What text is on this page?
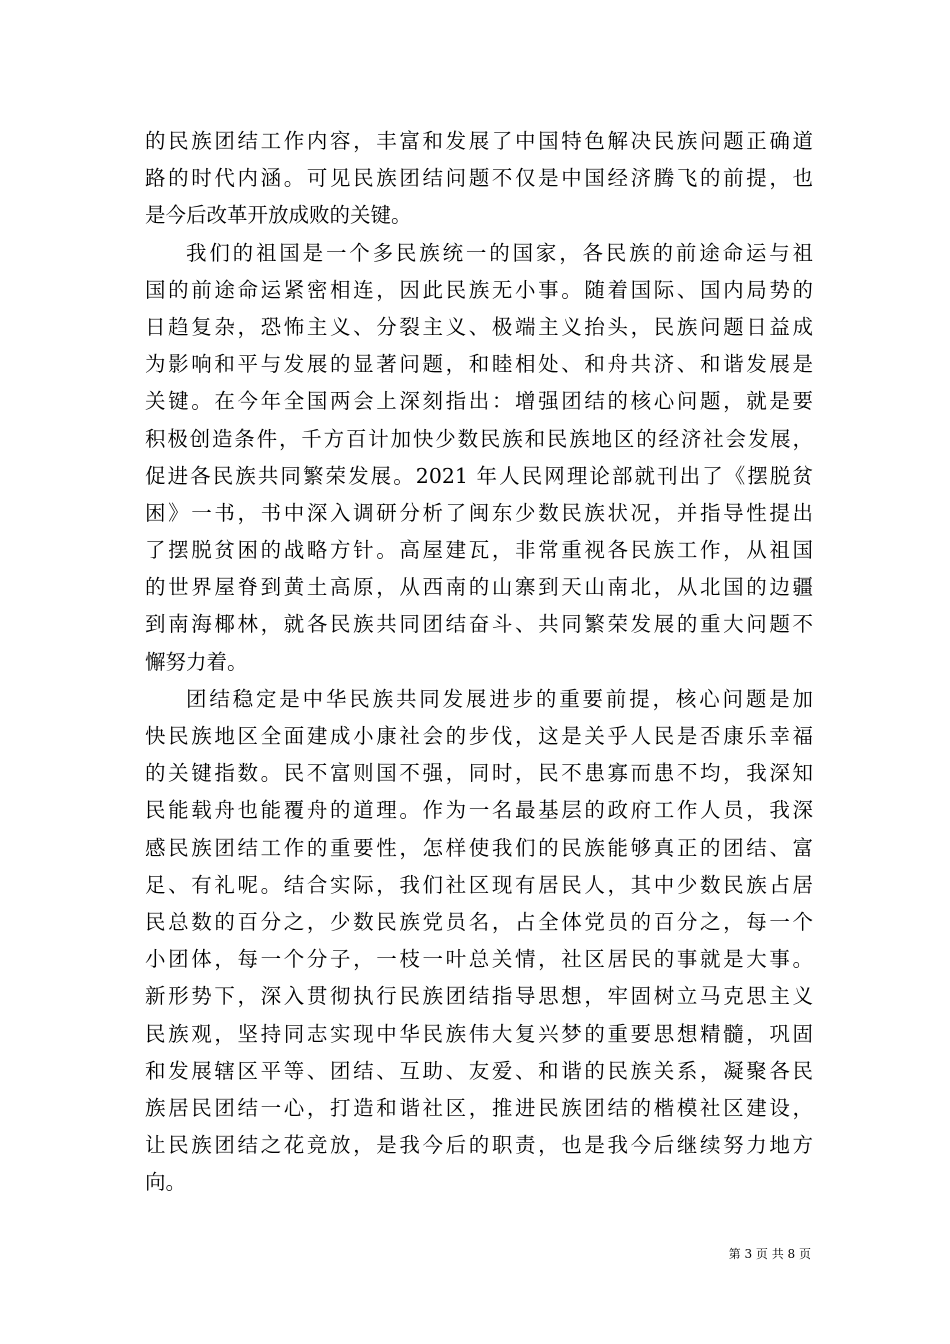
的民族团结工作内容，丰富和发展了中国特色解决民族问题正确道
路的时代内涵。可见民族团结问题不仅是中国经济腾飞的前提，也
是今后改革开放成败的关键。
我们的祖国是一个多民族统一的国家，各民族的前途命运与祖
国的前途命运紧密相连，因此民族无小事。随着国际、国内局势的
日趋复杂，恐怖主义、分裂主义、极端主义抬头，民族问题日益成
为影响和平与发展的显著问题，和睦相处、和舟共济、和谐发展是
关键。在今年全国两会上深刻指出：增强团结的核心问题，就是要
积极创造条件，千方百计加快少数民族和民族地区的经济社会发展，
促进各民族共同繁荣发展。2021 年人民网理论部就刊出了《摆脱贫
困》一书，书中深入调研分析了闽东少数民族状况，并指导性提出
了摆脱贫困的战略方针。高屋建瓦，非常重视各民族工作，从祖国
的世界屋脊到黄土高原，从西南的山寨到天山南北，从北国的边疆
到南海椰林，就各民族共同团结奋斗、共同繁荣发展的重大问题不
懈努力着。
团结稳定是中华民族共同发展进步的重要前提，核心问题是加
快民族地区全面建成小康社会的步伐，这是关乎人民是否康乐幸福
的关键指数。民不富则国不强，同时，民不患寡而患不均，我深知
民能载舟也能覆舟的道理。作为一名最基层的政府工作人员，我深
感民族团结工作的重要性，怎样使我们的民族能够真正的团结、富
足、有礼呢。结合实际，我们社区现有居民人，其中少数民族占居
民总数的百分之，少数民族党员名，占全体党员的百分之，每一个
小团体，每一个分子，一枝一叶总关情，社区居民的事就是大事。
新形势下，深入贯彻执行民族团结指导思想，牢固树立马克思主义
民族观，坚持同志实现中华民族伟大复兴梦的重要思想精髓，巩固
和发展辖区平等、团结、互助、友爱、和谐的民族关系，凝聚各民
族居民团结一心，打造和谐社区，推进民族团结的楷模社区建设，
让民族团结之花竞放，是我今后的职责，也是我今后继续努力地方
向。
第 3 页 共 8 页
